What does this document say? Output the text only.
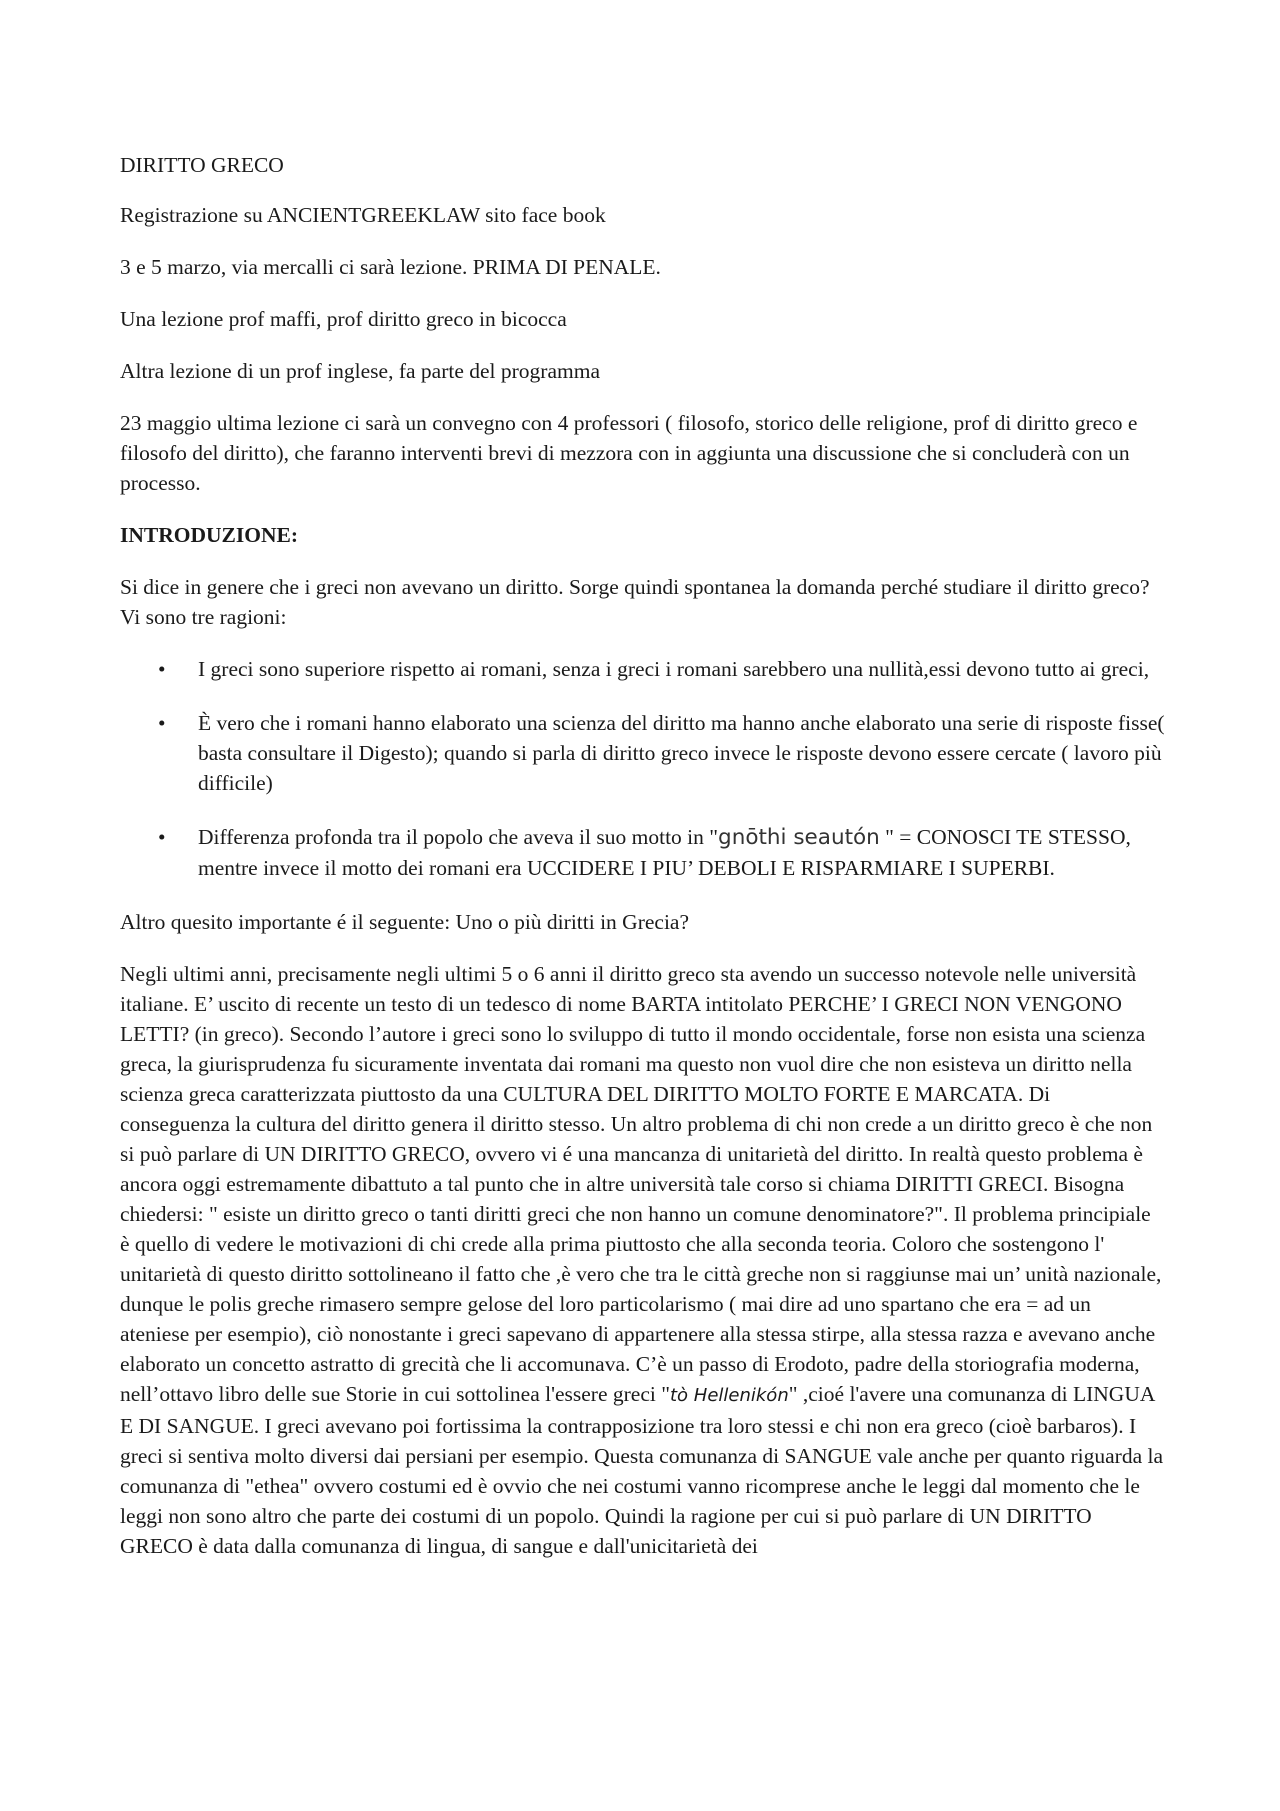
DIRITTO GRECO

Registrazione su ANCIENTGREEKLAW sito face book

3 e 5 marzo, via mercalli ci sarà lezione. PRIMA DI PENALE.

Una lezione prof maffi, prof diritto greco in bicocca

Altra lezione di un prof inglese, fa parte del programma

23 maggio ultima lezione ci sarà un convegno con 4 professori ( filosofo, storico delle religione, prof di diritto greco e filosofo del diritto), che faranno interventi brevi di mezzora con in aggiunta una discussione che si concluderà con un processo.

INTRODUZIONE:

Si dice in genere che i greci non avevano un diritto. Sorge quindi spontanea la domanda perché studiare il diritto greco? Vi sono tre ragioni:

• I greci sono superiore rispetto ai romani, senza i greci i romani sarebbero una nullità,essi devono tutto ai greci,
• È vero che i romani hanno elaborato una scienza del diritto ma hanno anche elaborato una serie di risposte fisse( basta consultare il Digesto); quando si parla di diritto greco invece le risposte devono essere cercate ( lavoro più difficile)
• Differenza profonda tra il popolo che aveva il suo motto in "gnōthi seautón " = CONOSCI TE STESSO, mentre invece il motto dei romani era UCCIDERE I PIU’ DEBOLI E RISPARMIARE I SUPERBI.

Altro quesito importante é il seguente: Uno o più diritti in Grecia?

Negli ultimi anni, precisamente negli ultimi 5 o 6 anni il diritto greco sta avendo un successo notevole nelle università italiane. E’ uscito di recente un testo di un tedesco di nome BARTA intitolato PERCHE’ I GRECI NON VENGONO LETTI? (in greco). Secondo l’autore i greci sono lo sviluppo di tutto il mondo occidentale, forse non esista una scienza greca, la giurisprudenza fu sicuramente inventata dai romani ma questo non vuol dire che non esisteva un diritto nella scienza greca caratterizzata piuttosto da una CULTURA DEL DIRITTO MOLTO FORTE E MARCATA. Di conseguenza la cultura del diritto genera il diritto stesso. Un altro problema di chi non crede a un diritto greco è che non si può parlare di UN DIRITTO GRECO, ovvero vi é una mancanza di unitarietà del diritto. In realtà questo problema è ancora oggi estremamente dibattuto a tal punto che in altre università tale corso si chiama DIRITTI GRECI. Bisogna chiedersi: " esiste un diritto greco o tanti diritti greci che non hanno un comune denominatore?". Il problema principiale è quello di vedere le motivazioni di chi crede alla prima piuttosto che alla seconda teoria. Coloro che sostengono l' unitarietà di questo diritto sottolineano il fatto che ,è vero che tra le città greche non si raggiunse mai un’ unità nazionale, dunque le polis greche rimasero sempre gelose del loro particolarismo ( mai dire ad uno spartano che era = ad un ateniese per esempio), ciò nonostante i greci sapevano di appartenere alla stessa stirpe, alla stessa razza e avevano anche elaborato un concetto astratto di grecità che li accomunava. C’è un passo di Erodoto, padre della storiografia moderna, nell’ottavo libro delle sue Storie in cui sottolinea l'essere greci "tò Hellenikón" ,cioé l'avere una comunanza di LINGUA E DI SANGUE. I greci avevano poi fortissima la contrapposizione tra loro stessi e chi non era greco (cioè barbaros). I greci si sentiva molto diversi dai persiani per esempio. Questa comunanza di SANGUE vale anche per quanto riguarda la comunanza di "ethea" ovvero costumi ed è ovvio che nei costumi vanno ricomprese anche le leggi dal momento che le leggi non sono altro che parte dei costumi di un popolo. Quindi la ragione per cui si può parlare di UN DIRITTO GRECO è data dalla comunanza di lingua, di sangue e dall'unicitarietà dei
